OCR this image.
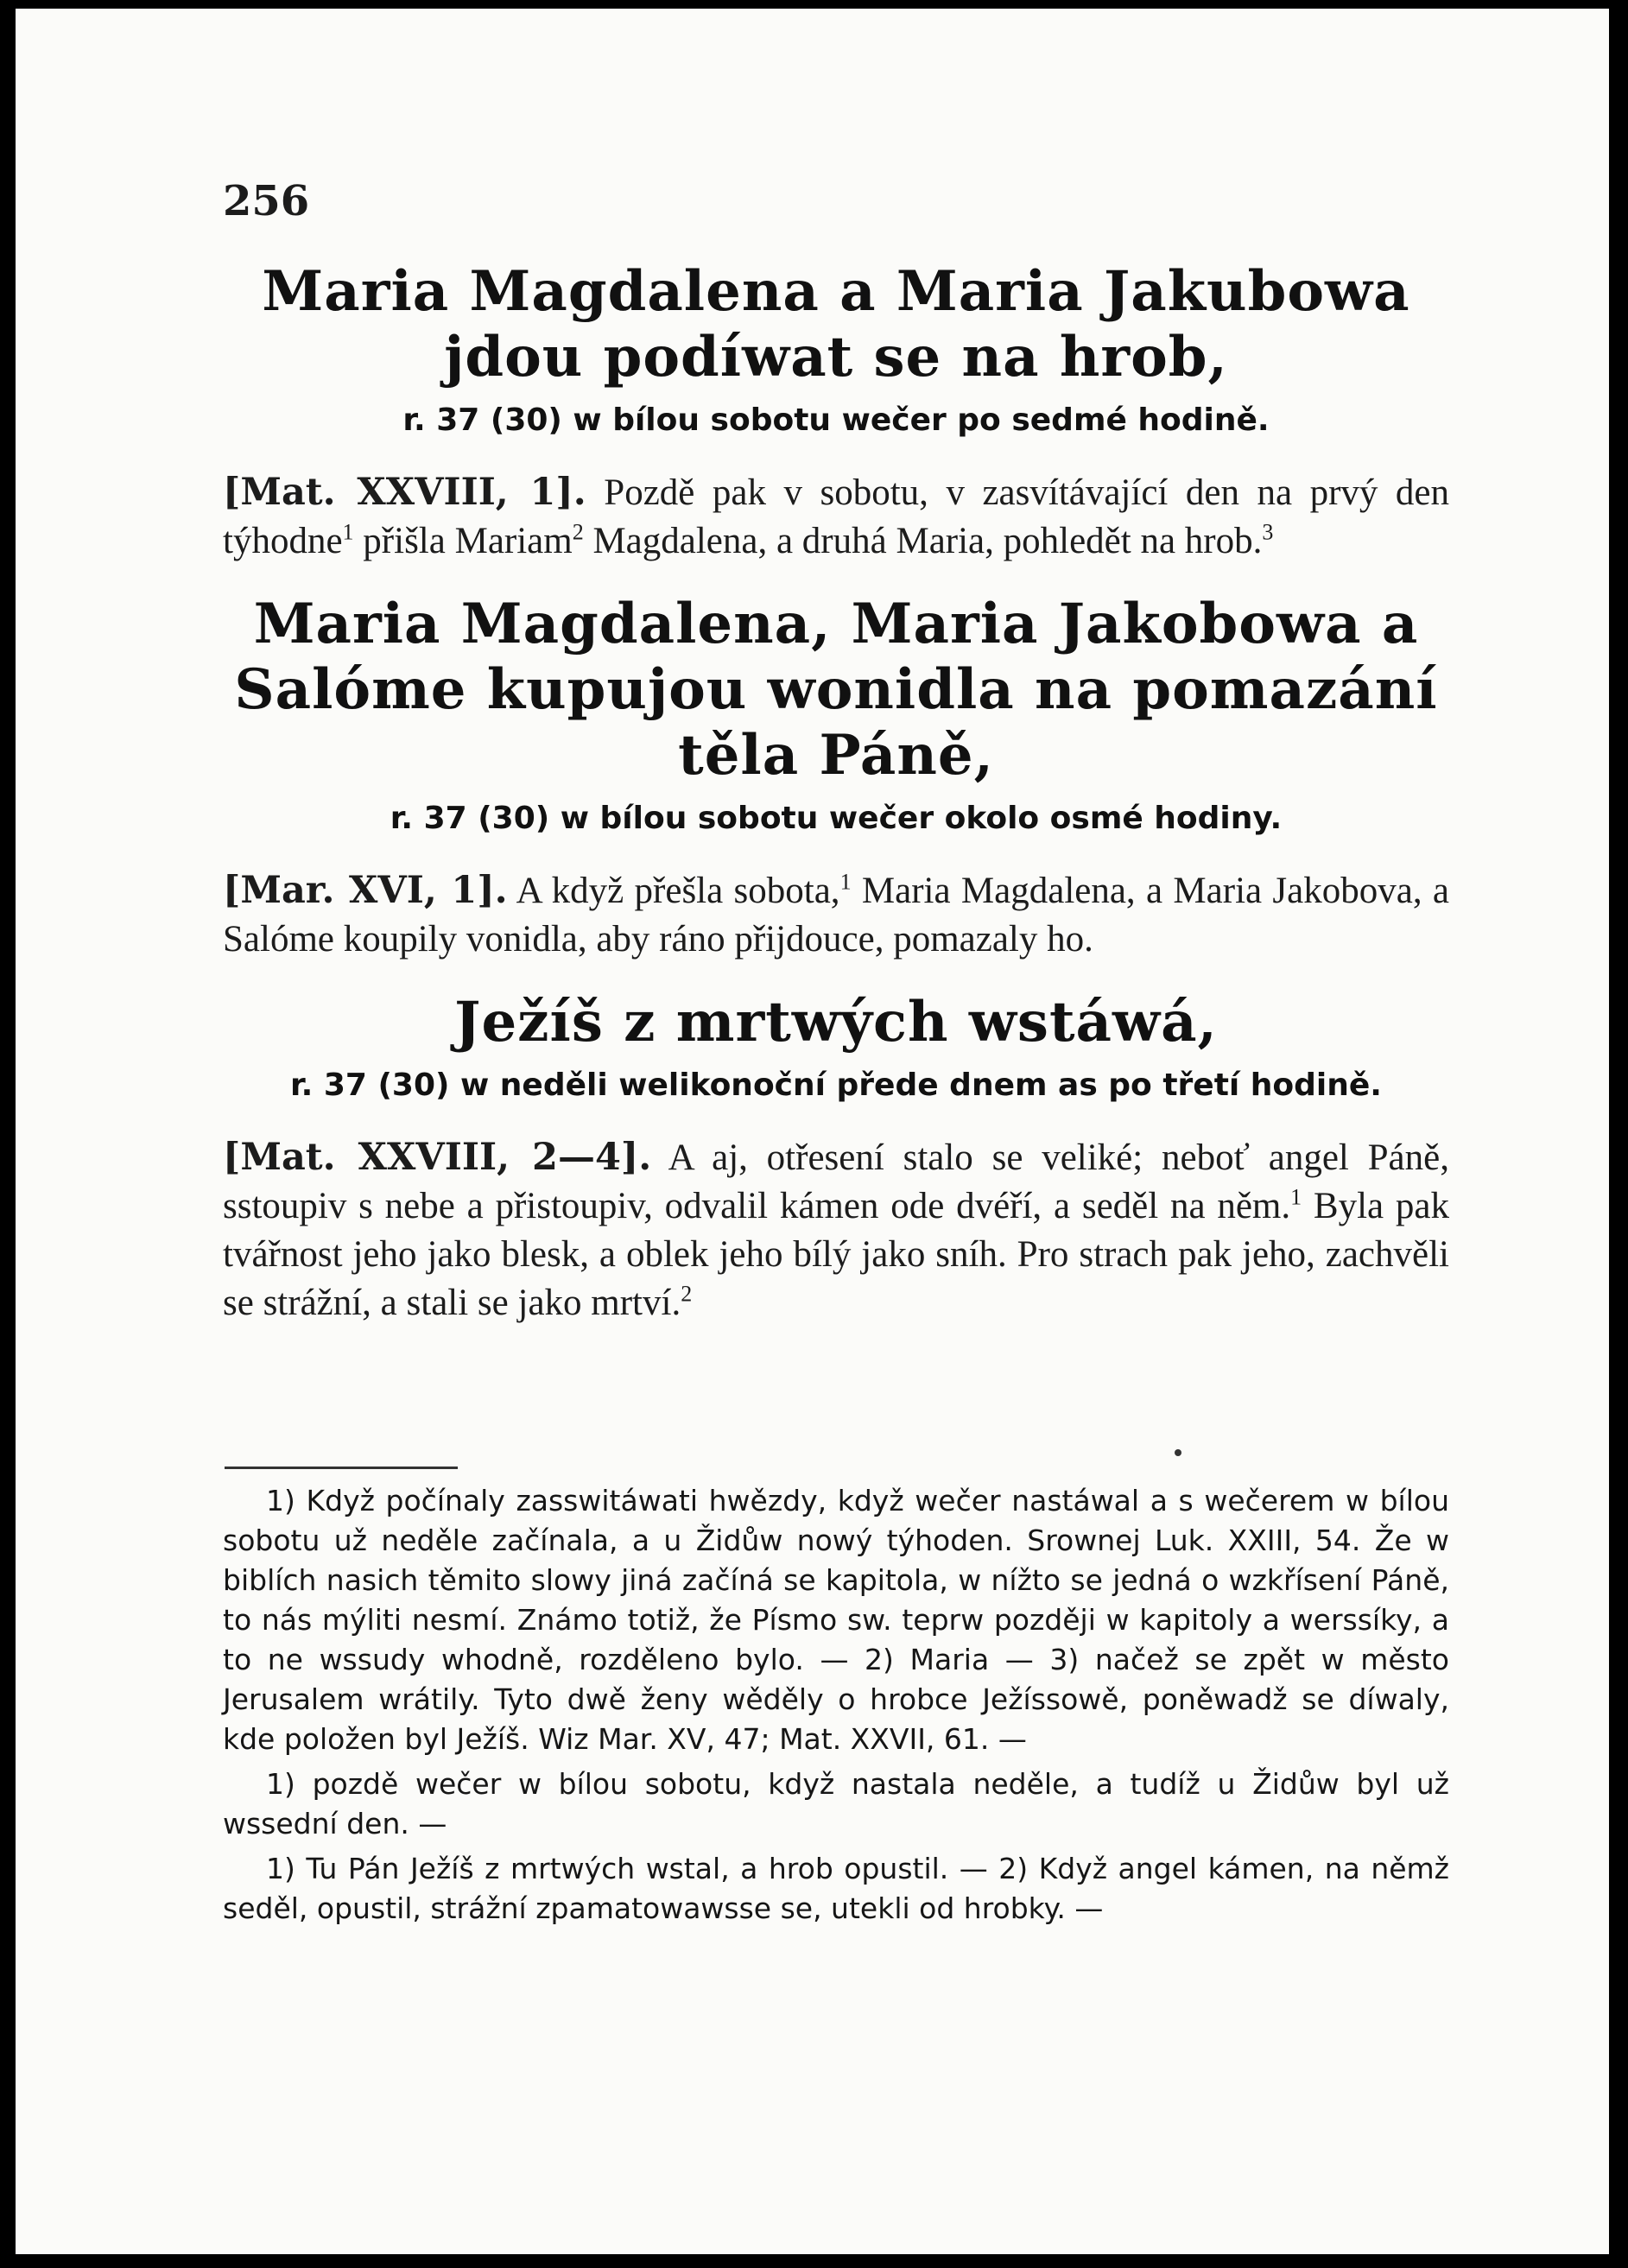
256
Maria Magdalena a Maria Jakubowa jdou podíwat se na hrob,
r. 37 (30) w bílou sobotu wečer po sedmé hodině.
[Mat. XXVIII, 1]. Pozdě pak v sobotu, v zasvítávající den na prvý den týhodne$^1$ přišla Mariam$^2$ Magdalena, a druhá Maria, pohledět na hrob.$^3$
Maria Magdalena, Maria Jakobowa a Salóme kupujou wonidla na pomazání těla Páně,
r. 37 (30) w bílou sobotu wečer okolo osmé hodiny.
[Mar. XVI, 1]. A když přešla sobota,$^1$ Maria Magdalena, a Maria Jakobova, a Salóme koupily vonidla, aby ráno přijdouce, pomazaly ho.
Ježíš z mrtwých wstáwá,
r. 37 (30) w neděli welikonoční přede dnem as po třetí hodině.
[Mat. XXVIII, 2—4]. A aj, otřesení stalo se veliké; neboť angel Páně, sstoupiv s nebe a přistoupiv, odvalil kámen ode dvéří, a seděl na něm.$^1$ Byla pak tvářnost jeho jako blesk, a oblek jeho bílý jako sníh. Pro strach pak jeho, zachvěli se strážní, a stali se jako mrtví.$^2$

1) Když počínaly zasswitáwati hwězdy, když wečer nastáwal a s wečerem w bílou sobotu už neděle začínala, a u Židůw nowý týhoden. Srownej Luk. XXIII, 54. Že w biblích nasich těmito slowy jiná začíná se kapitola, w nížto se jedná o wzkřísení Páně, to nás mýliti nesmí. Známo totiž, že Písmo sw. teprw později w kapitoly a werssíky, a to ne wssudy whodně, rozděleno bylo. — 2) Maria — 3) načež se zpět w město Jerusalem wrátily. Tyto dwě ženy wěděly o hrobce Ježíssowě, poněwadž se díwaly, kde položen byl Ježíš. Wiz Mar. XV, 47; Mat. XXVII, 61. —

1) pozdě wečer w bílou sobotu, když nastala neděle, a tudíž u Židůw byl už wssední den. —

1) Tu Pán Ježíš z mrtwých wstal, a hrob opustil. — 2) Když angel kámen, na němž seděl, opustil, strážní zpamatowawsse se, utekli od hrobky. —
